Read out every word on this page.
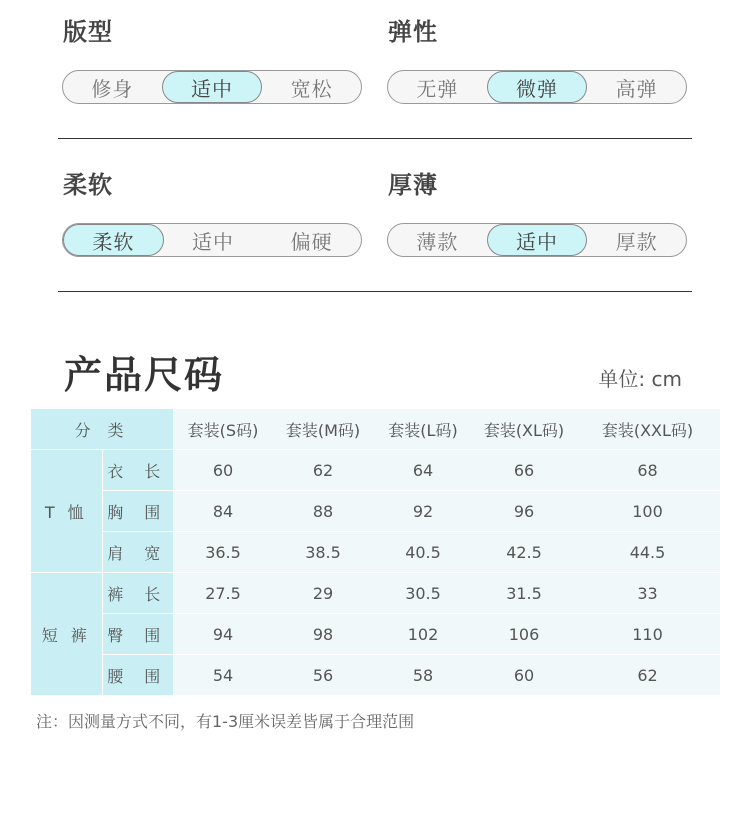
版型
修身	适中	宽松
弹性
无弹	微弹	高弹
柔软
柔软	适中	偏硬
厚薄
薄款	适中	厚款
产品尺码	单位: cm
分 类		套装(S码)	套装(M码)	套装(L码)	套装(XL码)	套装(XXL码)
T 恤	衣 长	60	62	64	66	68
	胸 围	84	88	92	96	100
	肩 宽	36.5	38.5	40.5	42.5	44.5
短 裤	裤 长	27.5	29	30.5	31.5	33
	臀 围	94	98	102	106	110
	腰 围	54	56	58	60	62
注：因测量方式不同，有1-3厘米误差皆属于合理范围
